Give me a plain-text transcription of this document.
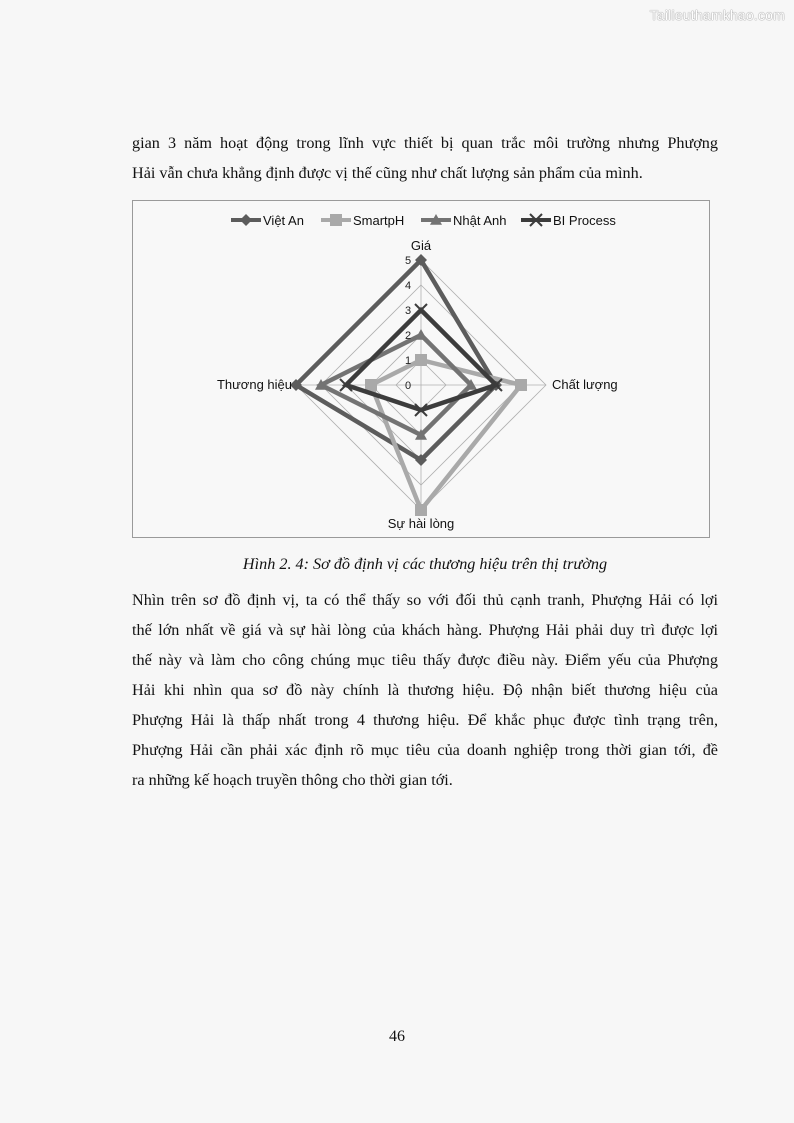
Tailieuthamkhao.com
gian 3 năm hoạt động trong lĩnh vực thiết bị quan trắc môi trường nhưng Phượng
Hải vẫn chưa khẳng định được vị thế cũng như chất lượng sản phẩm của mình.
Việt An	SmartpH	Nhật Anh	BI Process
0
1
2
3
4
5
Giá
Chất lượng
Sự hài lòng
Thương hiệu
Hình 2. 4: Sơ đồ định vị các thương hiệu trên thị trường
Nhìn trên sơ đồ định vị, ta có thể thấy so với đối thủ cạnh tranh, Phượng Hải có lợi
thế lớn nhất về giá và sự hài lòng của khách hàng. Phượng Hải phải duy trì được lợi
thế này và làm cho công chúng mục tiêu thấy được điều này. Điểm yếu của Phượng
Hải khi nhìn qua sơ đồ này chính là thương hiệu. Độ nhận biết thương hiệu của
Phượng Hải là thấp nhất trong 4 thương hiệu. Để khắc phục được tình trạng trên,
Phượng Hải cần phải xác định rõ mục tiêu của doanh nghiệp trong thời gian tới, đề
ra những kế hoạch truyền thông cho thời gian tới.
46
